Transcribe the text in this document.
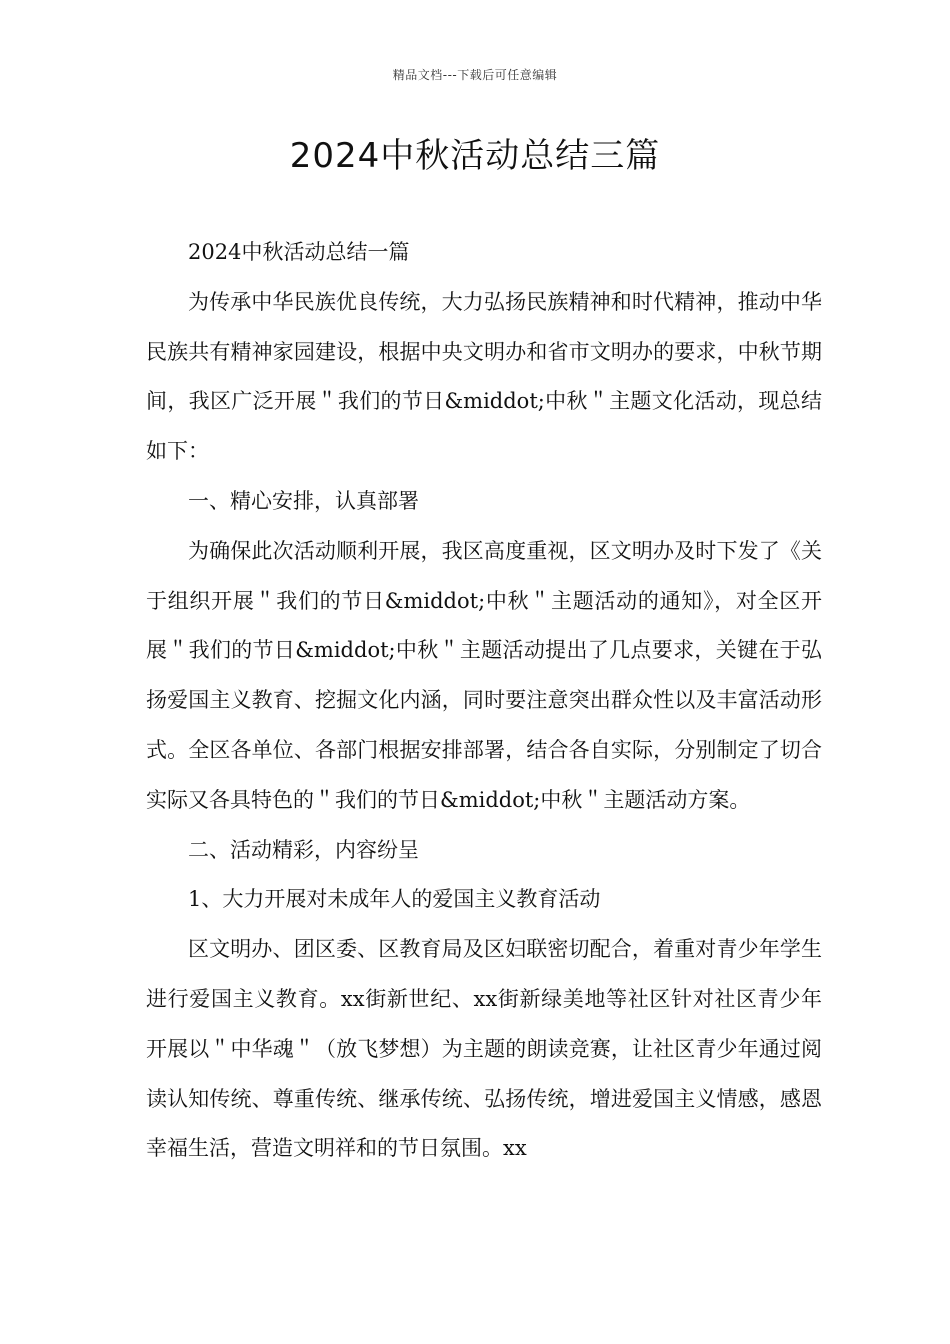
精品文档---下载后可任意编辑
2024中秋活动总结三篇

2024中秋活动总结一篇

为传承中华民族优良传统，大力弘扬民族精神和时代精神，推动中华民族共有精神家园建设，根据中央文明办和省市文明办的要求，中秋节期间，我区广泛开展＂我们的节日&middot;中秋＂主题文化活动，现总结如下：

一、精心安排，认真部署

为确保此次活动顺利开展，我区高度重视，区文明办及时下发了《关于组织开展＂我们的节日&middot;中秋＂主题活动的通知》，对全区开展＂我们的节日&middot;中秋＂主题活动提出了几点要求，关键在于弘扬爱国主义教育、挖掘文化内涵，同时要注意突出群众性以及丰富活动形式。全区各单位、各部门根据安排部署，结合各自实际，分别制定了切合实际又各具特色的＂我们的节日&middot;中秋＂主题活动方案。

二、活动精彩，内容纷呈

1、大力开展对未成年人的爱国主义教育活动

区文明办、团区委、区教育局及区妇联密切配合，着重对青少年学生进行爱国主义教育。xx街新世纪、xx街新绿美地等社区针对社区青少年开展以＂中华魂＂（放飞梦想）为主题的朗读竞赛，让社区青少年通过阅读认知传统、尊重传统、继承传统、弘扬传统，增进爱国主义情感，感恩幸福生活，营造文明祥和的节日氛围。xx
